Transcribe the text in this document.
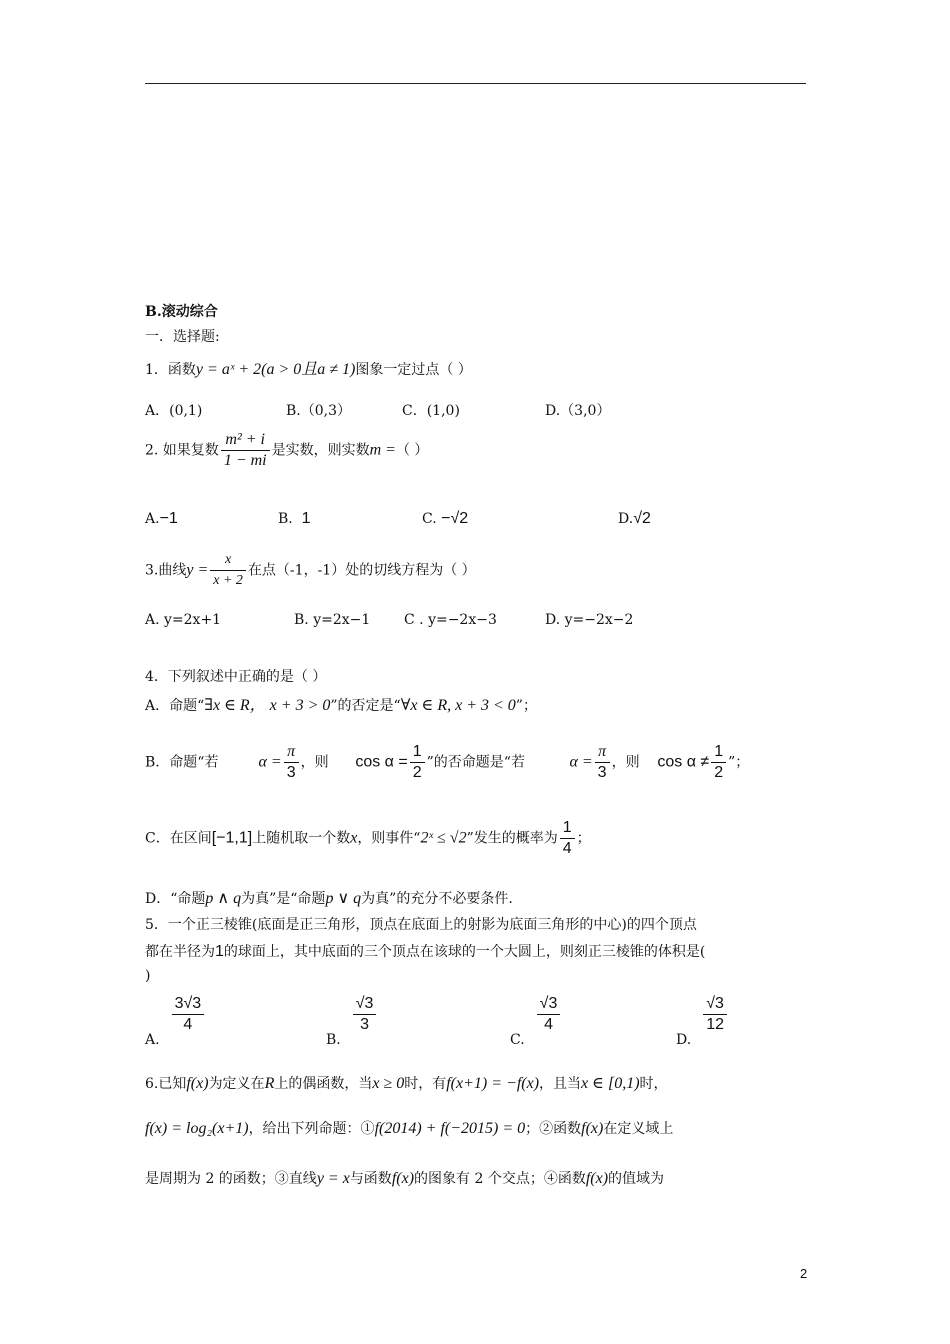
B.滚动综合
一．选择题:
1．函数y = aˣ + 2(a > 0且a ≠ 1)图象一定过点（ ）
A．(0,1)	B.（0,3）	C．(1,0)	D.（3,0）
2. 如果复数 $\frac{\text{m² + i}}{1 - mi}$ 是实数，则实数m =（ ）
A.−1	B. 1	C. −√2	D.√2
3.曲线$y = \frac{x}{x + 2}$ 在点（-1，-1）处的切线方程为（ ）
A. y=2x+1	B. y=2x−1 C . y=−2x−3	D. y=−2x−2
4．下列叙述中正确的是（ ）
A．命题“∃x ∈ R， x + 3 > 0”的否定是“∀x ∈ R, x + 3 < 0”；
B．命题“若	$\alpha = \frac{\pi}{3}$ ，则 $\cos \alpha = \frac{1}{2}$ ”的否命题是“若	$\alpha = \frac{\pi}{3}$ ，则 $\cos \alpha \ne \frac{1}{2}$ ”；
C．在区间[−1,1]上随机取一个数x，则事件“2ˣ ≤ √2”发生的概率为 $\frac{1}{4}$ ；
D．“命题p ∧ q为真”是“命题p ∨ q为真”的充分不必要条件.
5．一个正三棱锥(底面是正三角形，顶点在底面上的射影为底面三角形的中心)的四个顶点
都在半径为1的球面上，其中底面的三个顶点在该球的一个大圆上，则刻正三棱锥的体积是(
)
A.
$\frac{3√3}{4}$
B.
$\frac{√3}{3}$
C.
$\frac{√3}{4}$
D.
$\frac{√3}{12}$
6.已知f(x)为定义在R上的偶函数，当x ≥ 0时，有f(x+1) = −f(x)，且当x ∈ [0,1)时，
f(x) = log₂(x+1)，给出下列命题：①f(2014) + f(−2015) = 0；②函数f(x)在定义域上
是周期为 2 的函数；③直线y = x与函数f(x)的图象有 2 个交点；④函数f(x)的值域为
2
